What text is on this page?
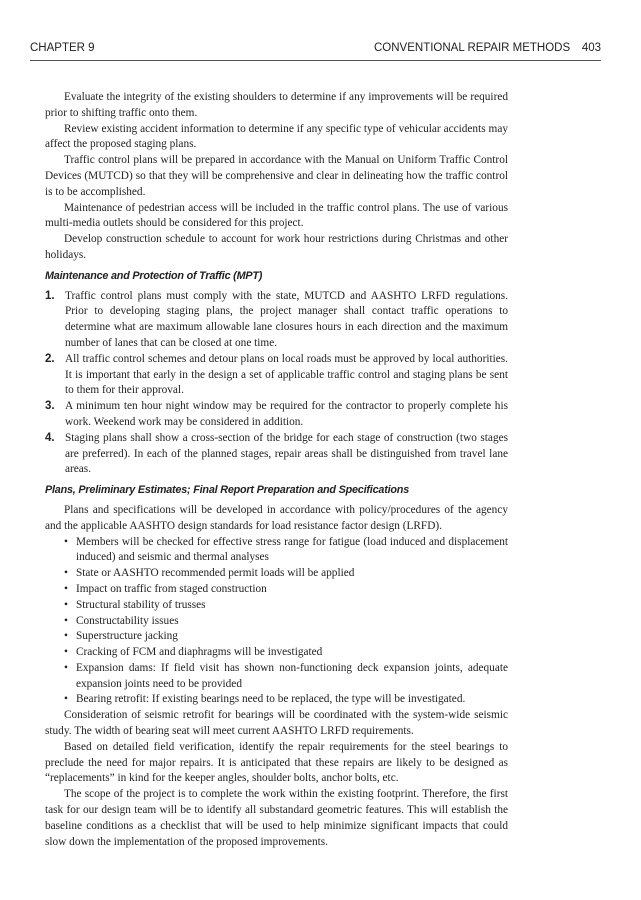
CHAPTER 9	CONVENTIONAL REPAIR METHODS 403

Evaluate the integrity of the existing shoulders to determine if any improvements will be required prior to shifting traffic onto them.

Review existing accident information to determine if any specific type of vehicular accidents may affect the proposed staging plans.

Traffic control plans will be prepared in accordance with the Manual on Uniform Traffic Control Devices (MUTCD) so that they will be comprehensive and clear in delineating how the traffic control is to be accomplished.

Maintenance of pedestrian access will be included in the traffic control plans. The use of various multi-media outlets should be considered for this project.

Develop construction schedule to account for work hour restrictions during Christmas and other holidays.

Maintenance and Protection of Traffic (MPT)
1. Traffic control plans must comply with the state, MUTCD and AASHTO LRFD regulations. Prior to developing staging plans, the project manager shall contact traffic operations to determine what are maximum allowable lane closures hours in each direction and the maximum number of lanes that can be closed at one time.
2. All traffic control schemes and detour plans on local roads must be approved by local authorities. It is important that early in the design a set of applicable traffic control and staging plans be sent to them for their approval.
3. A minimum ten hour night window may be required for the contractor to properly complete his work. Weekend work may be considered in addition.
4. Staging plans shall show a cross-section of the bridge for each stage of construction (two stages are preferred). In each of the planned stages, repair areas shall be distinguished from travel lane areas.
Plans, Preliminary Estimates; Final Report Preparation and Specifications

Plans and specifications will be developed in accordance with policy/procedures of the agency and the applicable AASHTO design standards for load resistance factor design (LRFD).

• Members will be checked for effective stress range for fatigue (load induced and displacement induced) and seismic and thermal analyses
• State or AASHTO recommended permit loads will be applied
• Impact on traffic from staged construction
• Structural stability of trusses
• Constructability issues
• Superstructure jacking
• Cracking of FCM and diaphragms will be investigated
• Expansion dams: If field visit has shown non-functioning deck expansion joints, adequate expansion joints need to be provided
• Bearing retrofit: If existing bearings need to be replaced, the type will be investigated.

Consideration of seismic retrofit for bearings will be coordinated with the system-wide seismic study. The width of bearing seat will meet current AASHTO LRFD requirements.

Based on detailed field verification, identify the repair requirements for the steel bearings to preclude the need for major repairs. It is anticipated that these repairs are likely to be designed as “replacements” in kind for the keeper angles, shoulder bolts, anchor bolts, etc.

The scope of the project is to complete the work within the existing footprint. Therefore, the first task for our design team will be to identify all substandard geometric features. This will establish the baseline conditions as a checklist that will be used to help minimize significant impacts that could slow down the implementation of the proposed improvements.
